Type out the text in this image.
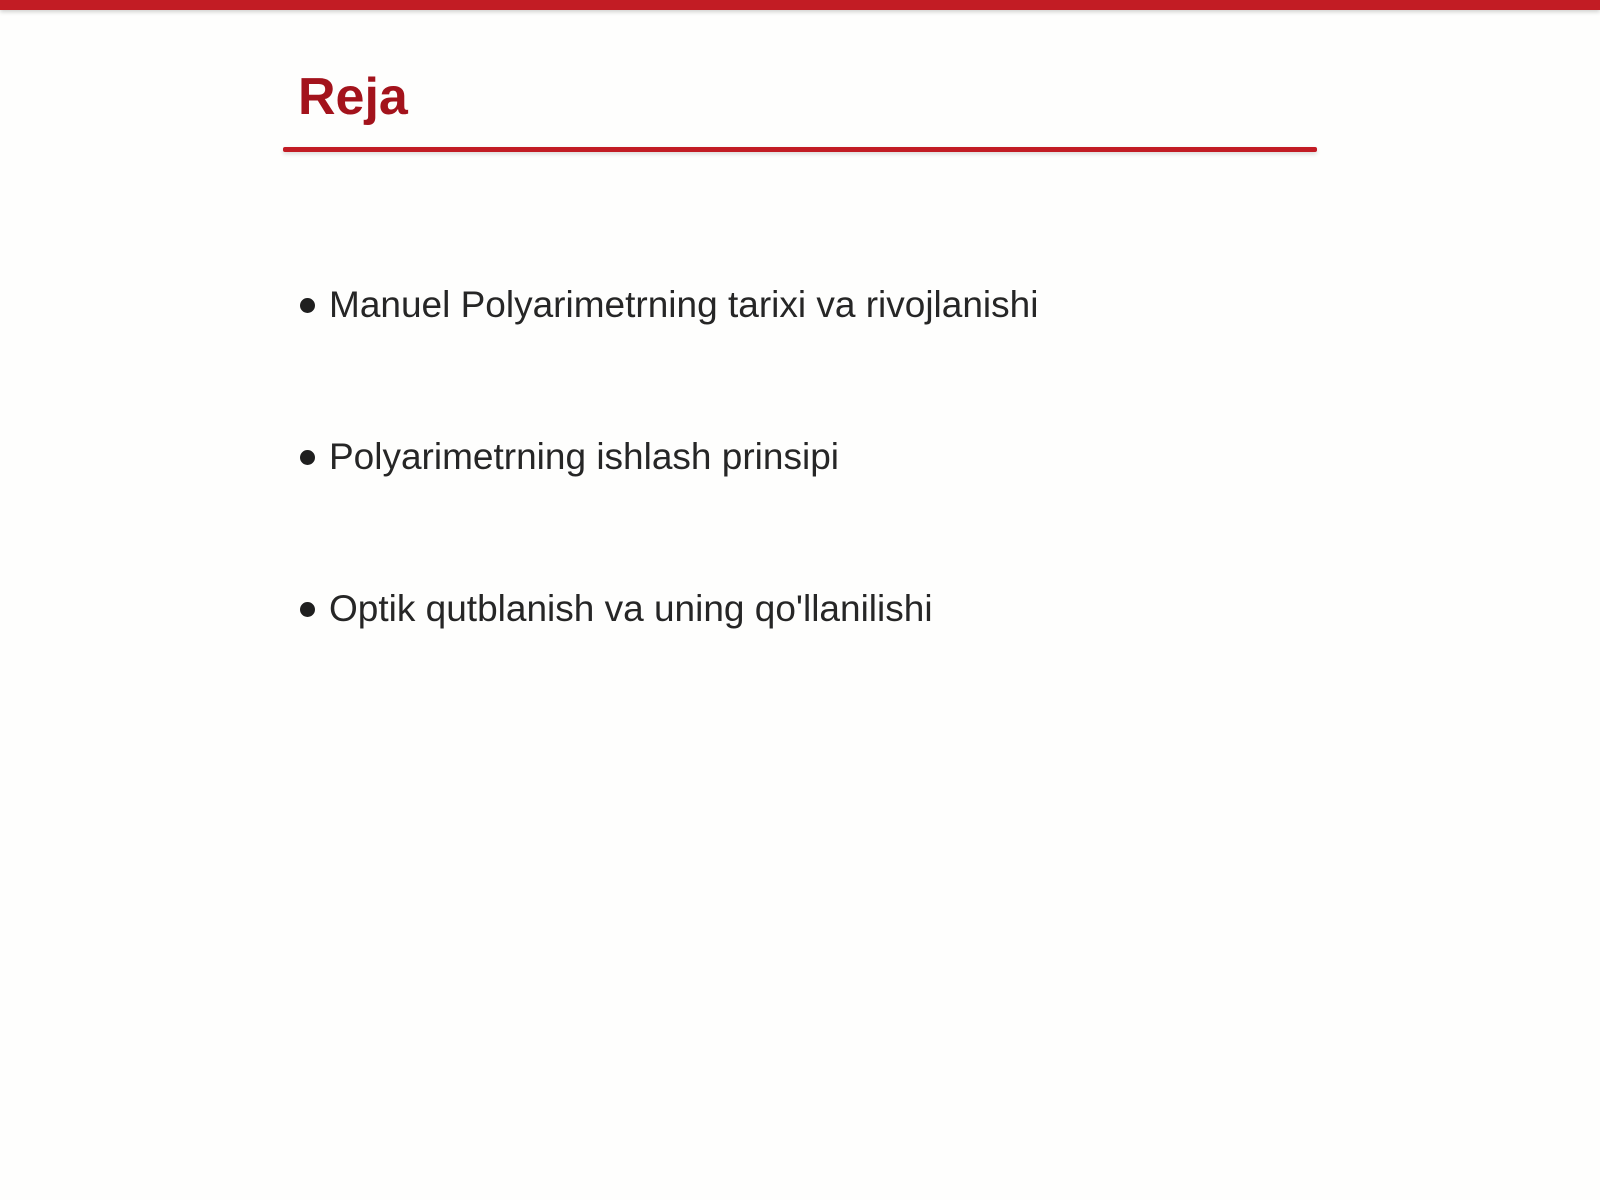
Reja
Manuel Polyarimetrning tarixi va rivojlanishi
Polyarimetrning ishlash prinsipi
Optik qutblanish va uning qo'llanilishi
